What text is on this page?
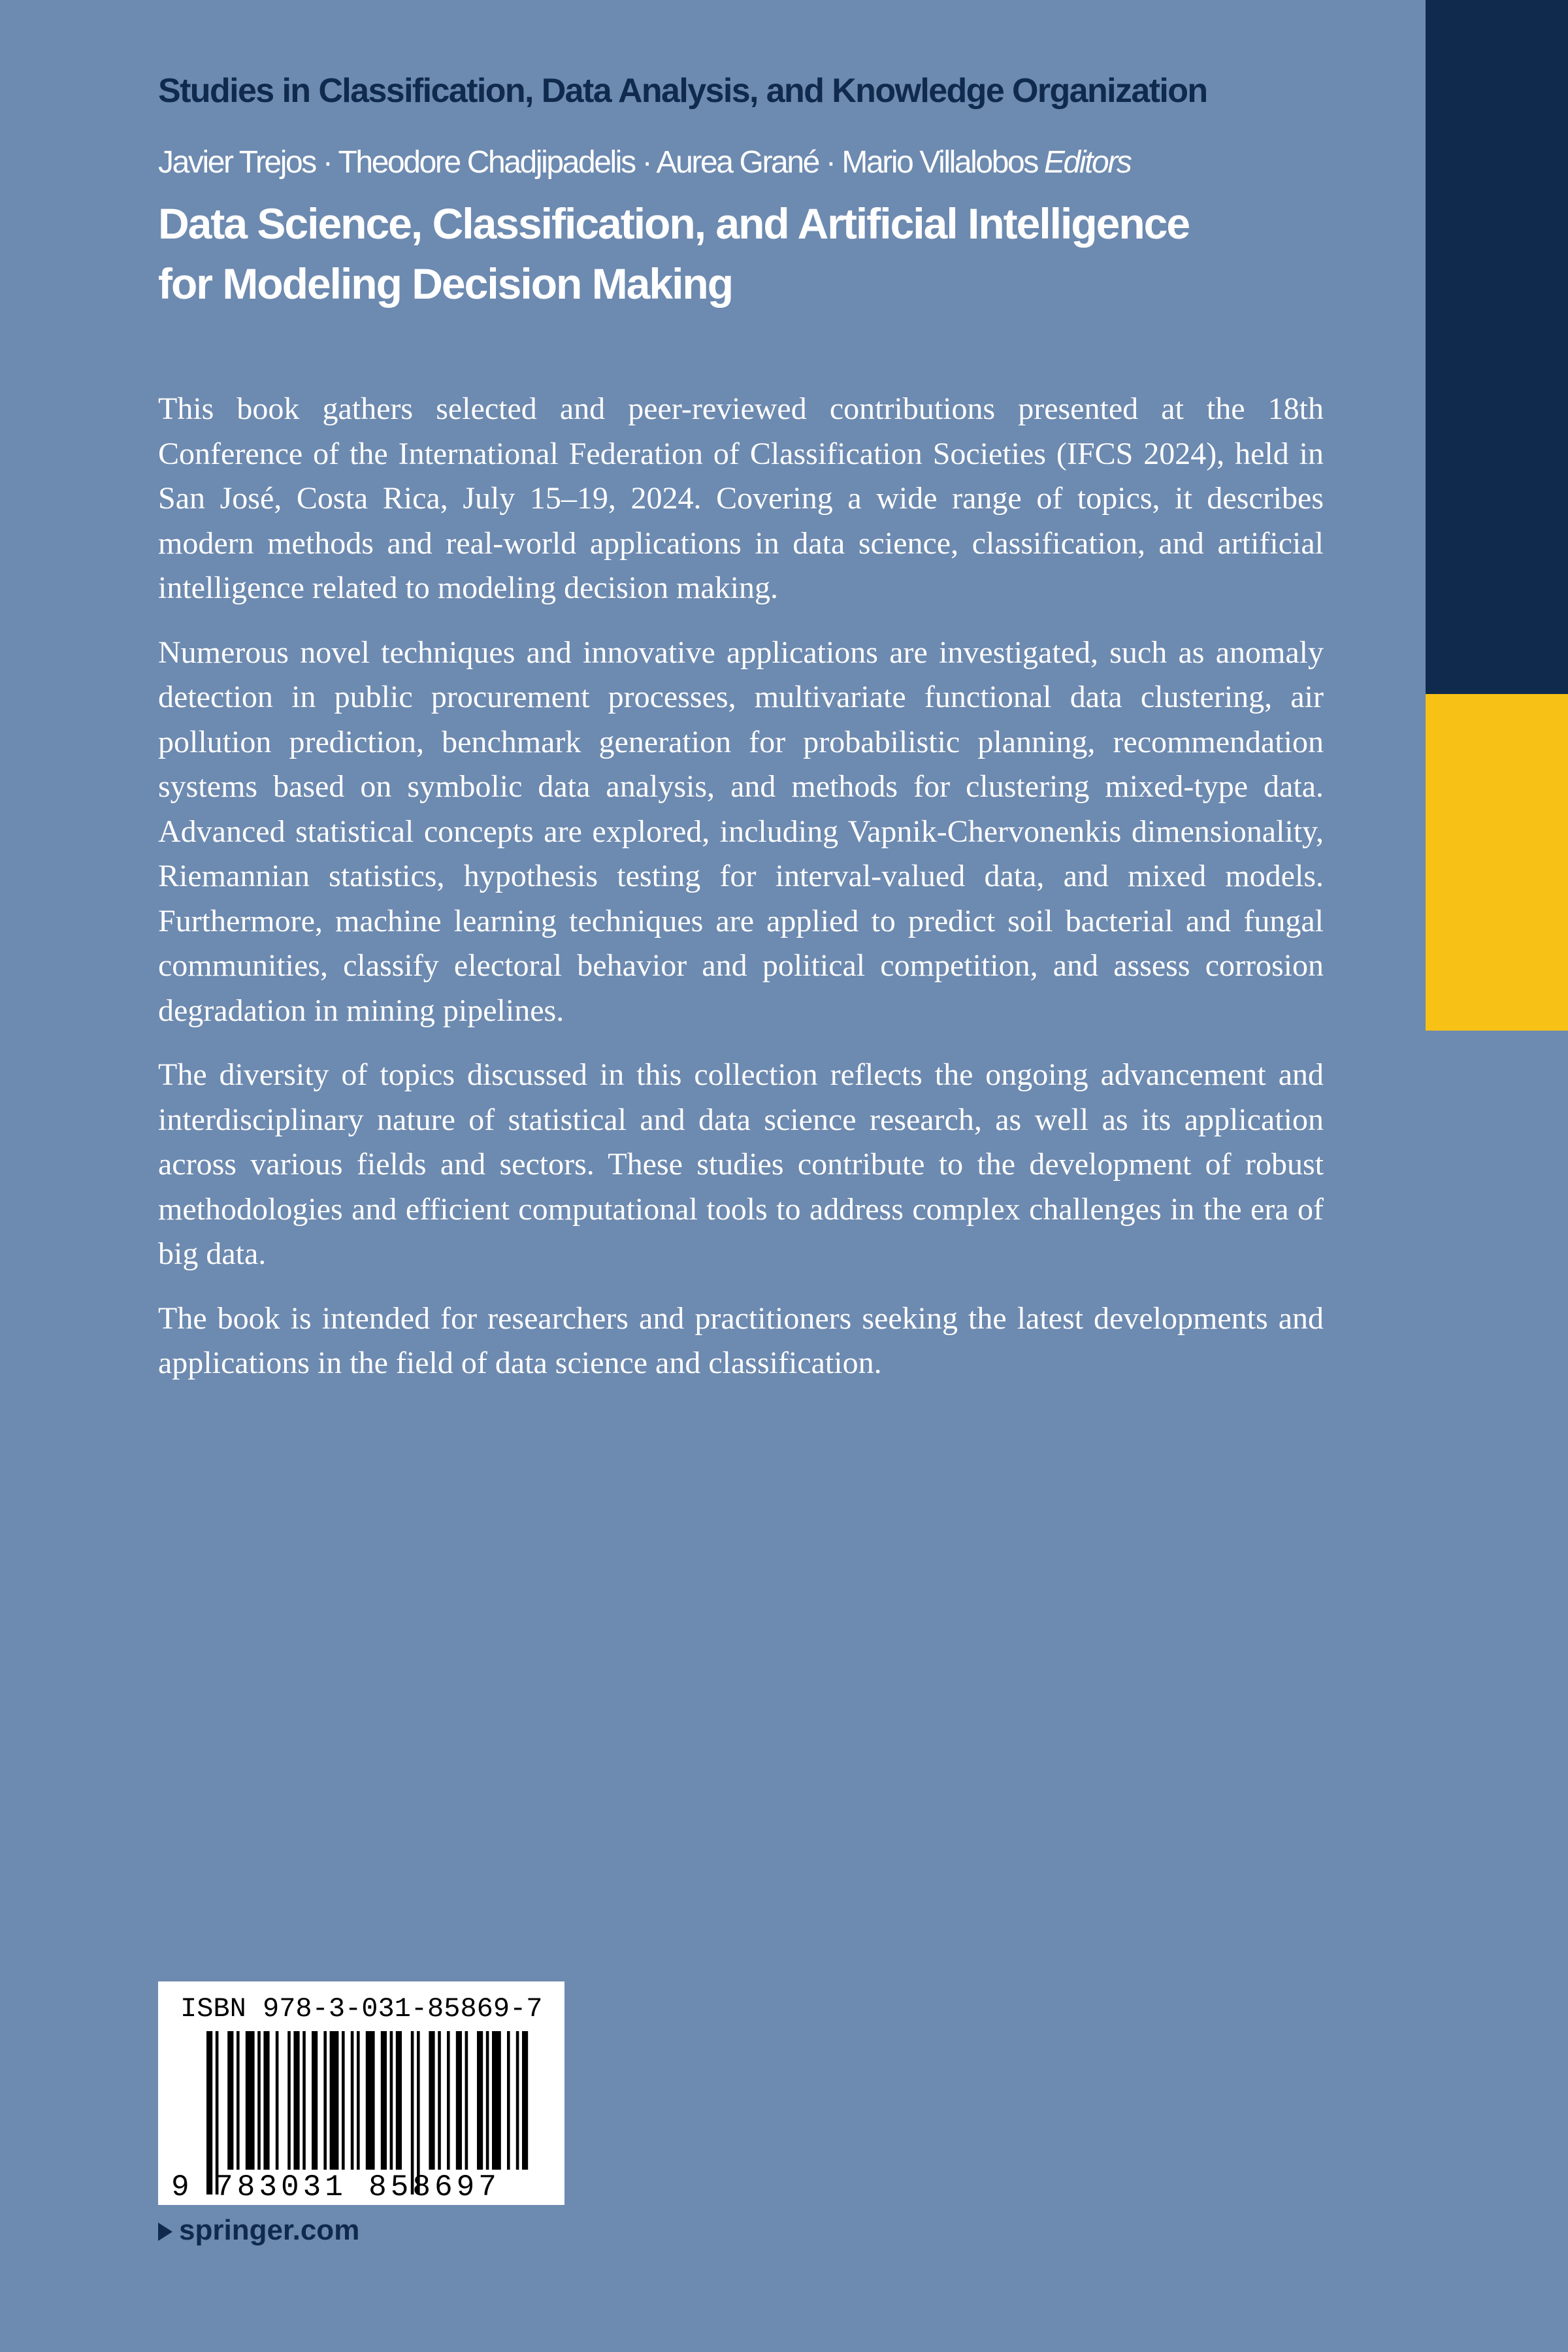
Studies in Classification, Data Analysis, and Knowledge Organization
Javier Trejos · Theodore Chadjipadelis · Aurea Grané · Mario Villalobos Editors
Data Science, Classification, and Artificial Intelligence
for Modeling Decision Making

This book gathers selected and peer-reviewed contributions presented at the 18th Conference of the International Federation of Classification Societies (IFCS 2024), held in San José, Costa Rica, July 15–19, 2024. Covering a wide range of topics, it describes modern methods and real-world applications in data science, classification, and artificial intelligence related to modeling decision making.

Numerous novel techniques and innovative applications are investigated, such as anomaly detection in public procurement processes, multivariate functional data clustering, air pollution prediction, benchmark generation for probabilistic planning, recommendation systems based on symbolic data analysis, and methods for clustering mixed-type data. Advanced statistical concepts are explored, including Vapnik-Chervonenkis dimensionality, Riemannian statistics, hypothesis testing for interval-valued data, and mixed models. Furthermore, machine learning techniques are applied to predict soil bacterial and fungal communities, classify electoral behavior and political competition, and assess corrosion degradation in mining pipelines.

The diversity of topics discussed in this collection reflects the ongoing advancement and interdisciplinary nature of statistical and data science research, as well as its application across various fields and sectors. These studies contribute to the development of robust methodologies and efficient computational tools to address complex challenges in the era of big data.

The book is intended for researchers and practitioners seeking the latest developments and applications in the field of data science and classification.

ISBN 978-3-031-85869-7
9 783031 858697
springer.com
